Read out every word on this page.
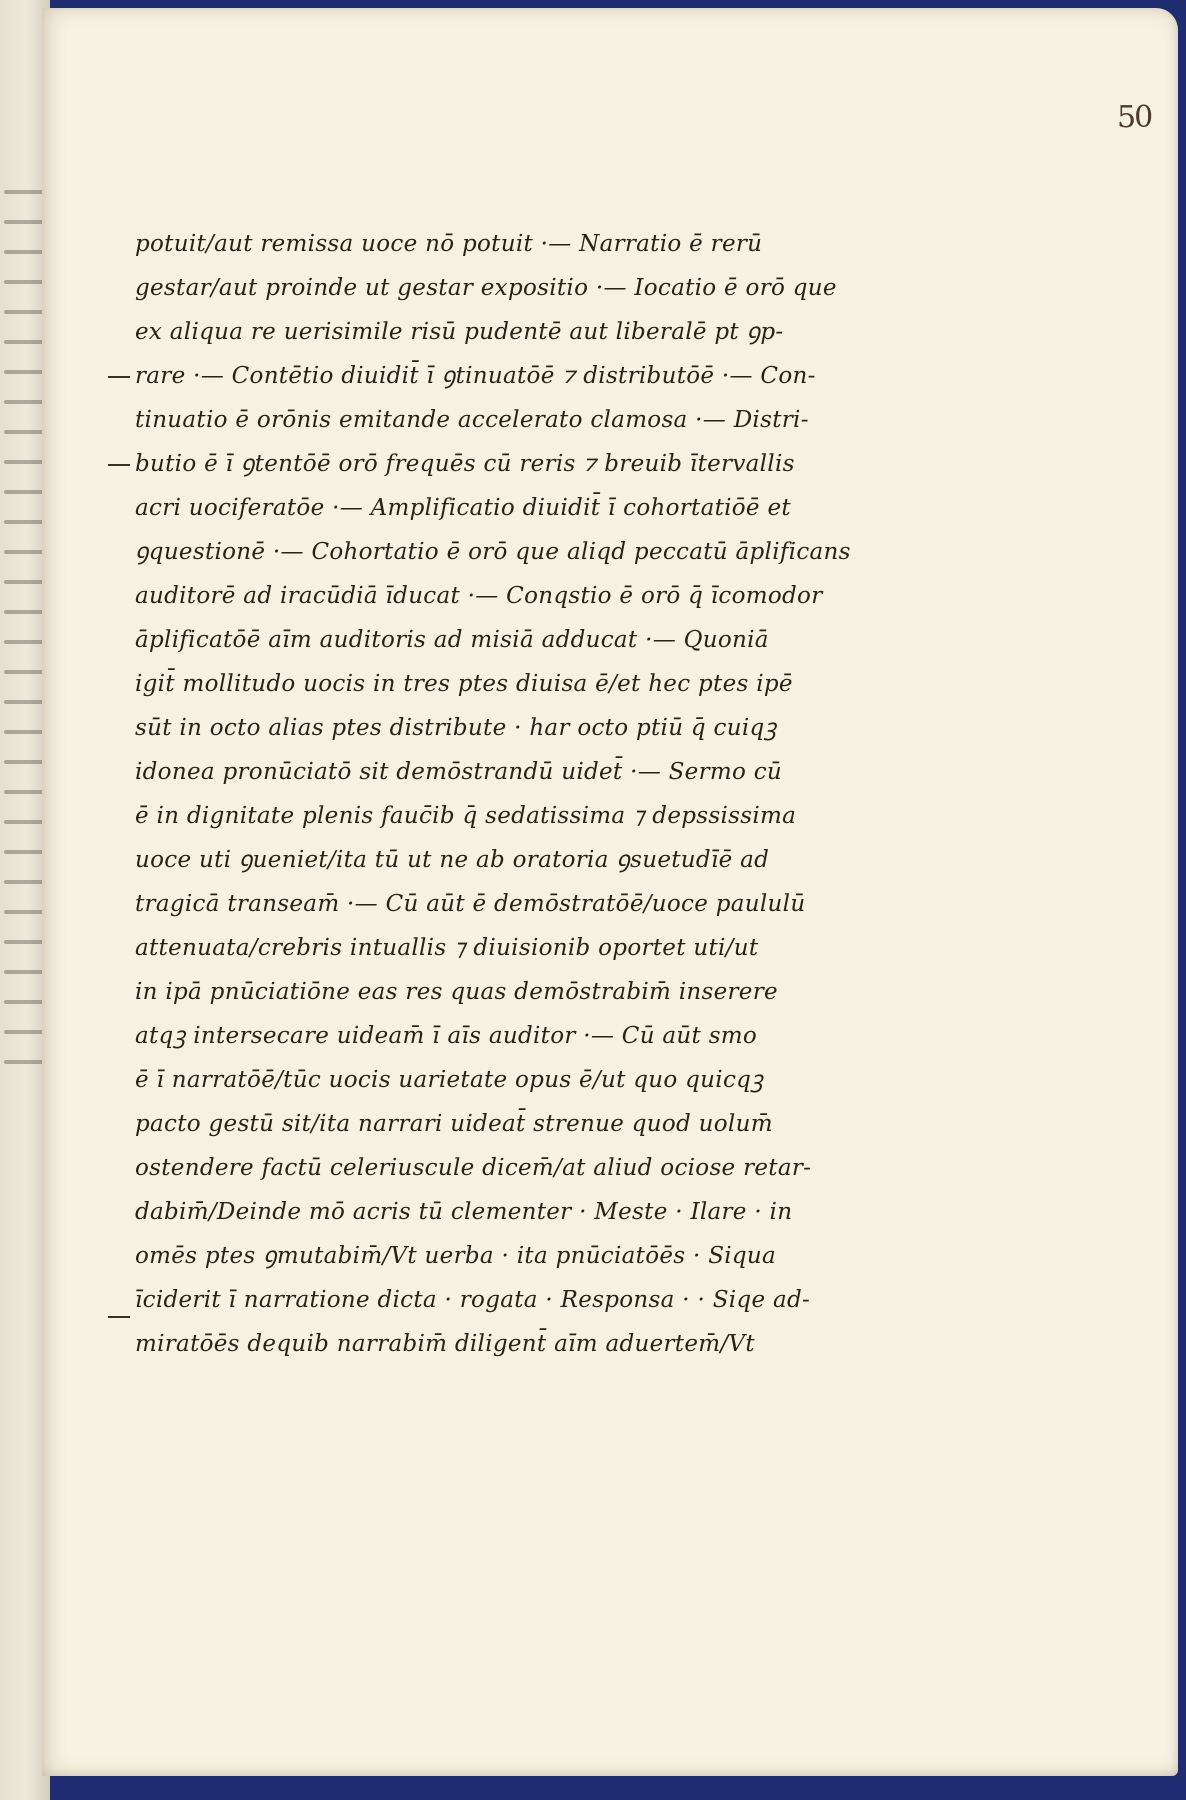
50
potuit/aut remissa uoce nō potuit ·— Narratio ē rerū
gestar/aut proinde ut gestar expositio ·— Iocatio ē orō que
ex aliqua re uerisimile risū pudentē aut liberalē pt ꝯp-
rare ·— Contētio diuidit̄ ī ꝯtinuatōē ⁊ distributōē ·— Con-
tinuatio ē orōnis emitande accelerato clamosa ·— Distri-
butio ē ī ꝯtentōē orō frequēs cū reris ⁊ breuib ītervallis
acri uociferatōe ·— Amplificatio diuidit̄ ī cohortatiōē et
ꝯquestionē ·— Cohortatio ē orō que aliqd peccatū āplificans
auditorē ad iracūdiā īducat ·— Conqstio ē orō q̄ īcomodor
āplificatōē aīm auditoris ad misiā adducat ·— Quoniā
igit̄ mollitudo uocis in tres ptes diuisa ē/et hec ptes ipē
sūt in octo alias ptes distribute · har octo ptiū q̄ cuiqꝫ
idonea pronūciatō sit demōstrandū uidet̄ ·— Sermo cū
ē in dignitate plenis fauc̄ib q̄ sedatissima ⁊ depssissima
uoce uti ꝯueniet/ita tū ut ne ab oratoria ꝯsuetudīē ad
tragicā transeam̄ ·— Cū aūt ē demōstratōē/uoce paululū
attenuata/crebris intuallis ⁊ diuisionib oportet uti/ut
in ipā pnūciatiōne eas res quas demōstrabim̄ inserere
atqꝫ intersecare uideam̄ ī aīs auditor ·— Cū aūt smo
ē ī narratōē/tūc uocis uarietate opus ē/ut quo quicqꝫ
pacto gestū sit/ita narrari uideat̄ strenue quod uolum̄
ostendere factū celeriuscule dicem̄/at aliud ociose retar-
dabim̄/Deinde mō acris tū clementer · Meste · Ilare · in
omēs ptes ꝯmutabim̄/Vt uerba · ita pnūciatōēs · Siqua
īciderit ī narratione dicta · rogata · Responsa · · Siqe ad-
miratōēs dequib narrabim̄ diligent̄ aīm aduertem̄/Vt
